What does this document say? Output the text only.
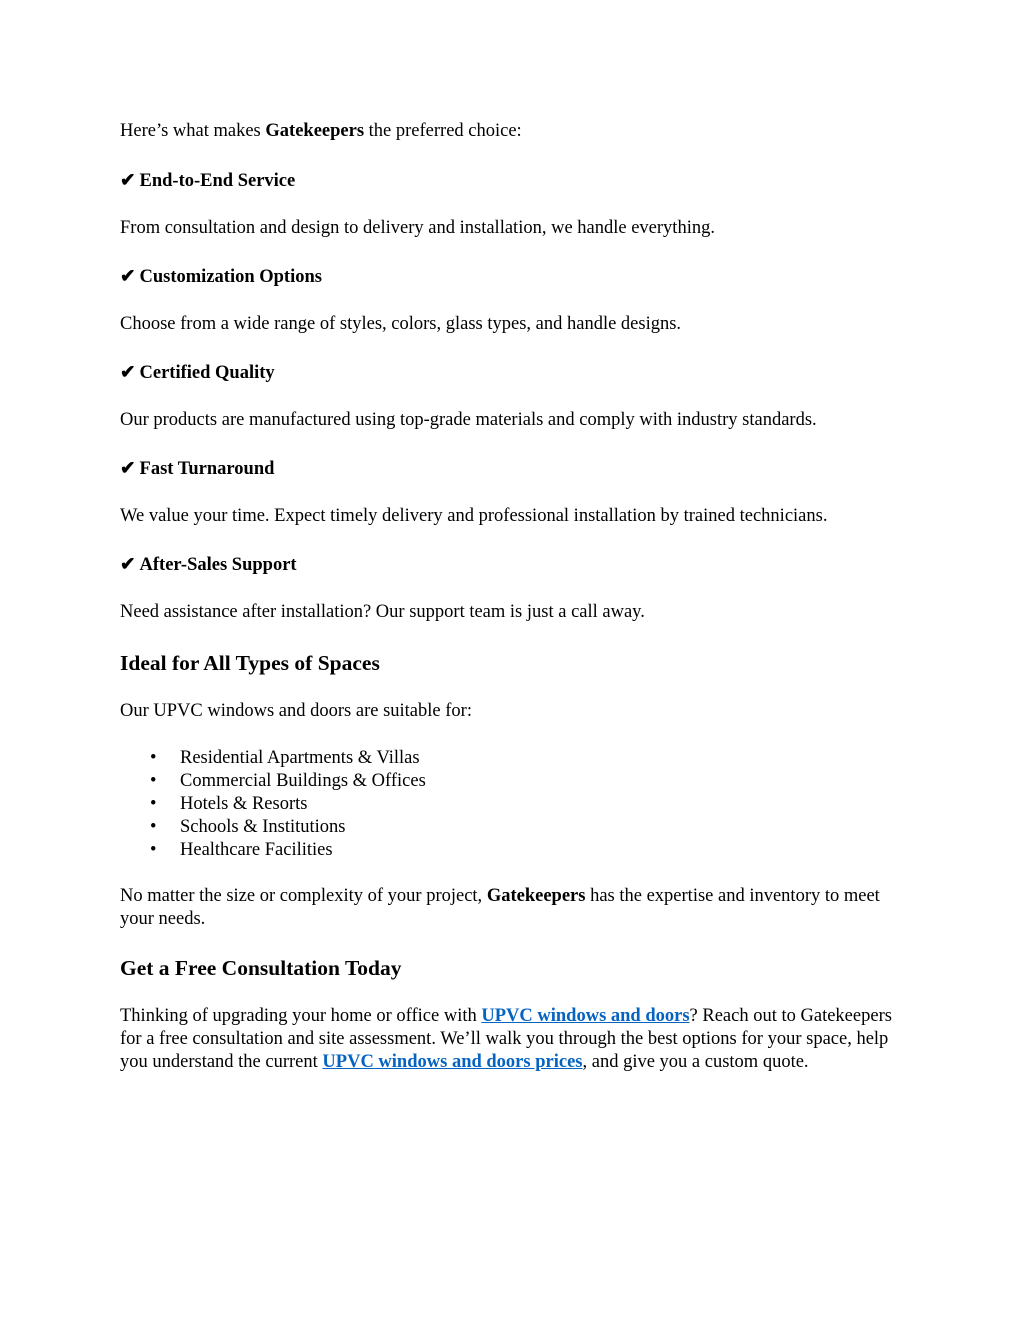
Here’s what makes Gatekeepers the preferred choice:

✔ End-to-End Service

From consultation and design to delivery and installation, we handle everything.

✔ Customization Options

Choose from a wide range of styles, colors, glass types, and handle designs.

✔ Certified Quality

Our products are manufactured using top-grade materials and comply with industry standards.

✔ Fast Turnaround

We value your time. Expect timely delivery and professional installation by trained technicians.

✔ After-Sales Support

Need assistance after installation? Our support team is just a call away.

Ideal for All Types of Spaces

Our UPVC windows and doors are suitable for:

• Residential Apartments & Villas
• Commercial Buildings & Offices
• Hotels & Resorts
• Schools & Institutions
• Healthcare Facilities

No matter the size or complexity of your project, Gatekeepers has the expertise and inventory to meet your needs.

Get a Free Consultation Today

Thinking of upgrading your home or office with UPVC windows and doors? Reach out to Gatekeepers for a free consultation and site assessment. We’ll walk you through the best options for your space, help you understand the current UPVC windows and doors prices, and give you a custom quote.
